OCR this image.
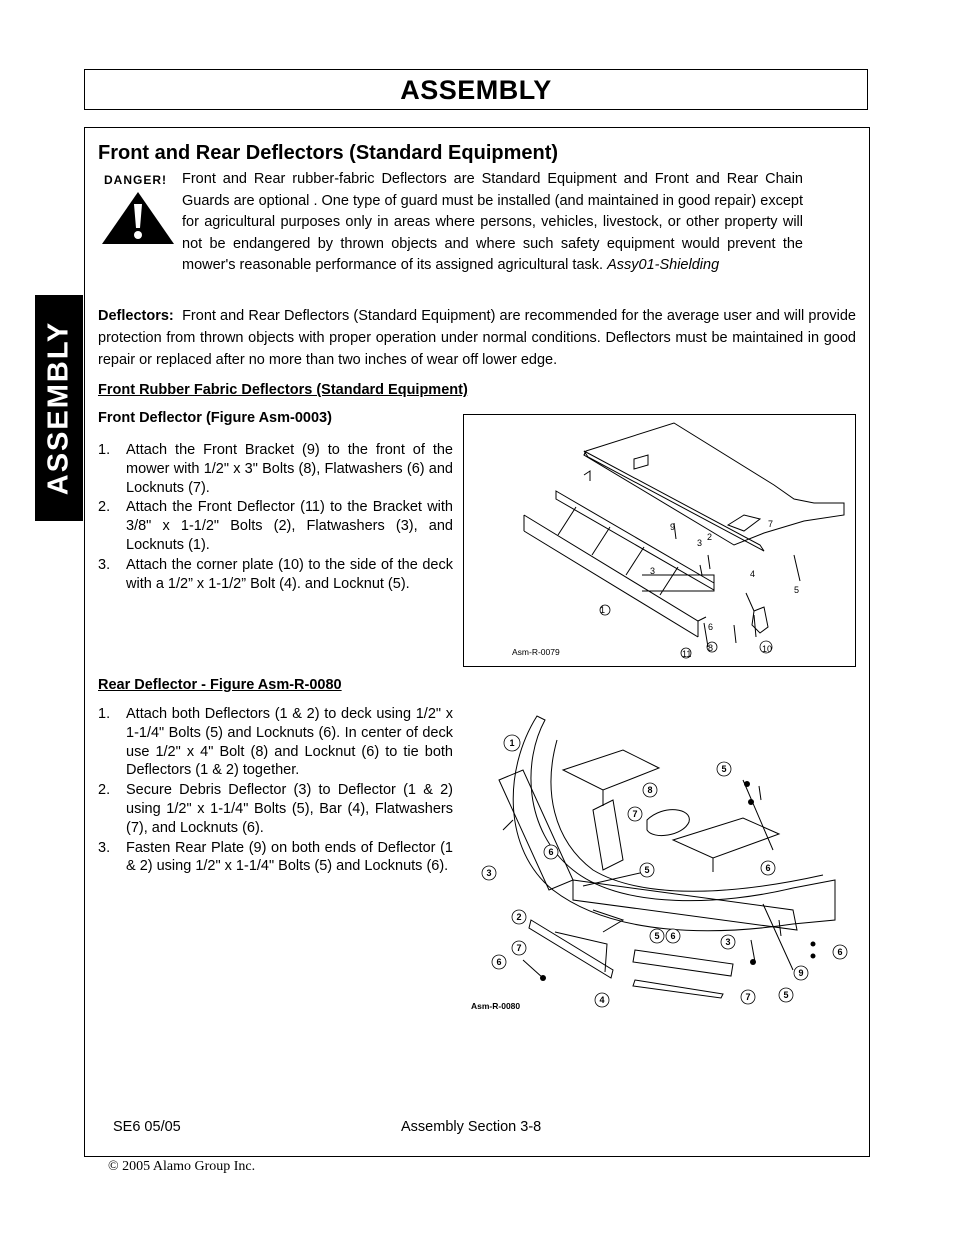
ASSEMBLY
ASSEMBLY
Front and Rear Deflectors (Standard Equipment)
DANGER! Front and Rear rubber-fabric Deflectors are Standard Equipment and Front and Rear Chain Guards are optional . One type of guard must be installed (and maintained in good repair) except for agricultural purposes only in areas where persons, vehicles, livestock, or other property will not be endangered by thrown objects and where such safety equipment would prevent the mower's reasonable performance of its assigned agricultural task. Assy01-Shielding
Deflectors: Front and Rear Deflectors (Standard Equipment) are recommended for the average user and will provide protection from thrown objects with proper operation under normal conditions. Deflectors must be maintained in good repair or replaced after no more than two inches of wear off lower edge.
Front Rubber Fabric Deflectors (Standard Equipment)
Front Deflector (Figure Asm-0003)
1. Attach the Front Bracket (9) to the front of the mower with 1/2" x 3" Bolts (8), Flatwashers (6) and Locknuts (7).
2. Attach the Front Deflector (11) to the Bracket with 3/8" x 1-1/2" Bolts (2), Flatwashers (3), and Locknuts (1).
3. Attach the corner plate (10) to the side of the deck with a 1/2” x 1-1/2” Bolt (4). and Locknut (5).
9
2
3
7
3	4
5
1
6
8	10
11
Asm-R-0079
Rear Deflector - Figure Asm-R-0080
1. Attach both Deflectors (1 & 2) to deck using 1/2" x 1-1/4" Bolts (5) and Locknuts (6). In center of deck use 1/2" x 4" Bolt (8) and Locknut (6) to tie both Deflectors (1 & 2) together.
2. Secure Debris Deflector (3) to Deflector (1 & 2) using 1/2" x 1-1/4" Bolts (5), Bar (4), Flatwashers (7), and Locknuts (6).
3. Fasten Rear Plate (9) on both ends of Deflector (1 & 2) using 1/2" x 1-1/4" Bolts (5) and Locknuts (6).
1
5
8
7
6
6
3	5
2
5 6
3
7	6
6
9
4	7	5
Asm-R-0080
SE6 05/05	Assembly Section 3-8
© 2005 Alamo Group Inc.
